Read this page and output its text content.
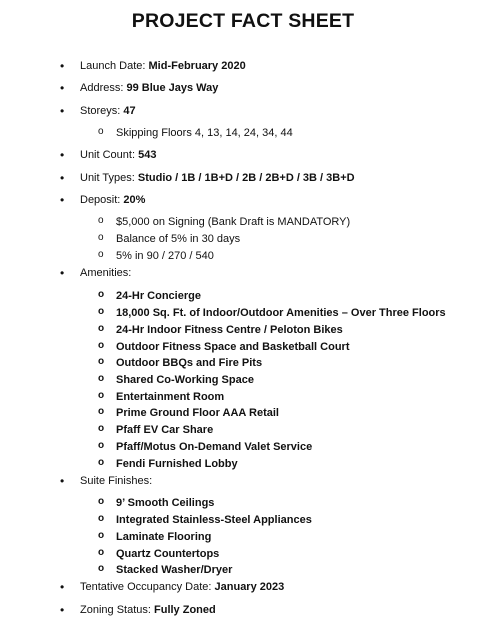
PROJECT FACT SHEET
• Launch Date: Mid-February 2020
• Address: 99 Blue Jays Way
• Storeys: 47
o Skipping Floors 4, 13, 14, 24, 34, 44
• Unit Count: 543
• Unit Types: Studio / 1B / 1B+D / 2B / 2B+D / 3B / 3B+D
• Deposit: 20%
o $5,000 on Signing (Bank Draft is MANDATORY)
o Balance of 5% in 30 days
o 5% in 90 / 270 / 540
• Amenities:
o 24-Hr Concierge
o 18,000 Sq. Ft. of Indoor/Outdoor Amenities – Over Three Floors
o 24-Hr Indoor Fitness Centre / Peloton Bikes
o Outdoor Fitness Space and Basketball Court
o Outdoor BBQs and Fire Pits
o Shared Co-Working Space
o Entertainment Room
o Prime Ground Floor AAA Retail
o Pfaff EV Car Share
o Pfaff/Motus On-Demand Valet Service
o Fendi Furnished Lobby
• Suite Finishes:
o 9’ Smooth Ceilings
o Integrated Stainless-Steel Appliances
o Laminate Flooring
o Quartz Countertops
o Stacked Washer/Dryer
• Tentative Occupancy Date: January 2023
• Zoning Status: Fully Zoned
